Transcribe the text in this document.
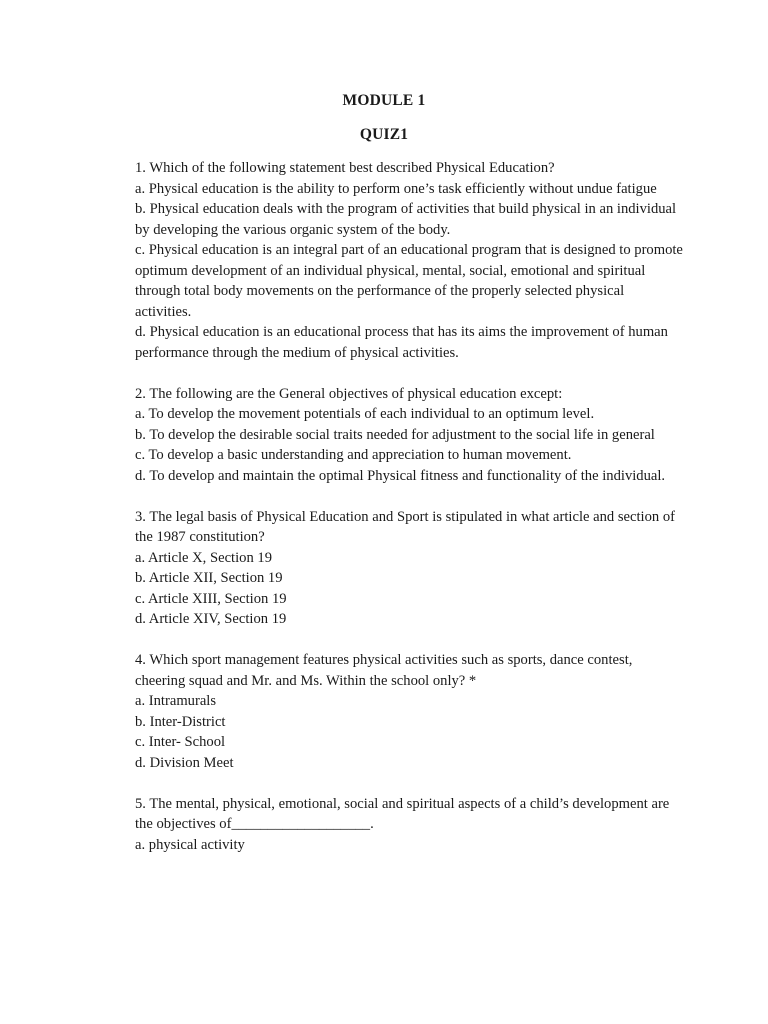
MODULE 1
QUIZ1

1. Which of the following statement best described Physical Education?

a. Physical education is the ability to perform one’s task efficiently without undue fatigue

b. Physical education deals with the program of activities that build physical in an individual by developing the various organic system of the body.

c. Physical education is an integral part of an educational program that is designed to promote optimum development of an individual physical, mental, social, emotional and spiritual through total body movements on the performance of the properly selected physical activities.

d. Physical education is an educational process that has its aims the improvement of human performance through the medium of physical activities.

2. The following are the General objectives of physical education except:

a. To develop the movement potentials of each individual to an optimum level.

b. To develop the desirable social traits needed for adjustment to the social life in general

c. To develop a basic understanding and appreciation to human movement.

d. To develop and maintain the optimal Physical fitness and functionality of the individual.

3. The legal basis of Physical Education and Sport is stipulated in what article and section of the 1987 constitution?

a. Article X, Section 19

b. Article XII, Section 19

c. Article XIII, Section 19

d. Article XIV, Section 19

4. Which sport management features physical activities such as sports, dance contest, cheering squad and Mr. and Ms. Within the school only? *

a. Intramurals

b. Inter-District

c. Inter- School

d. Division Meet

5. The mental, physical, emotional, social and spiritual aspects of a child’s development are the objectives of___________________.

a. physical activity
